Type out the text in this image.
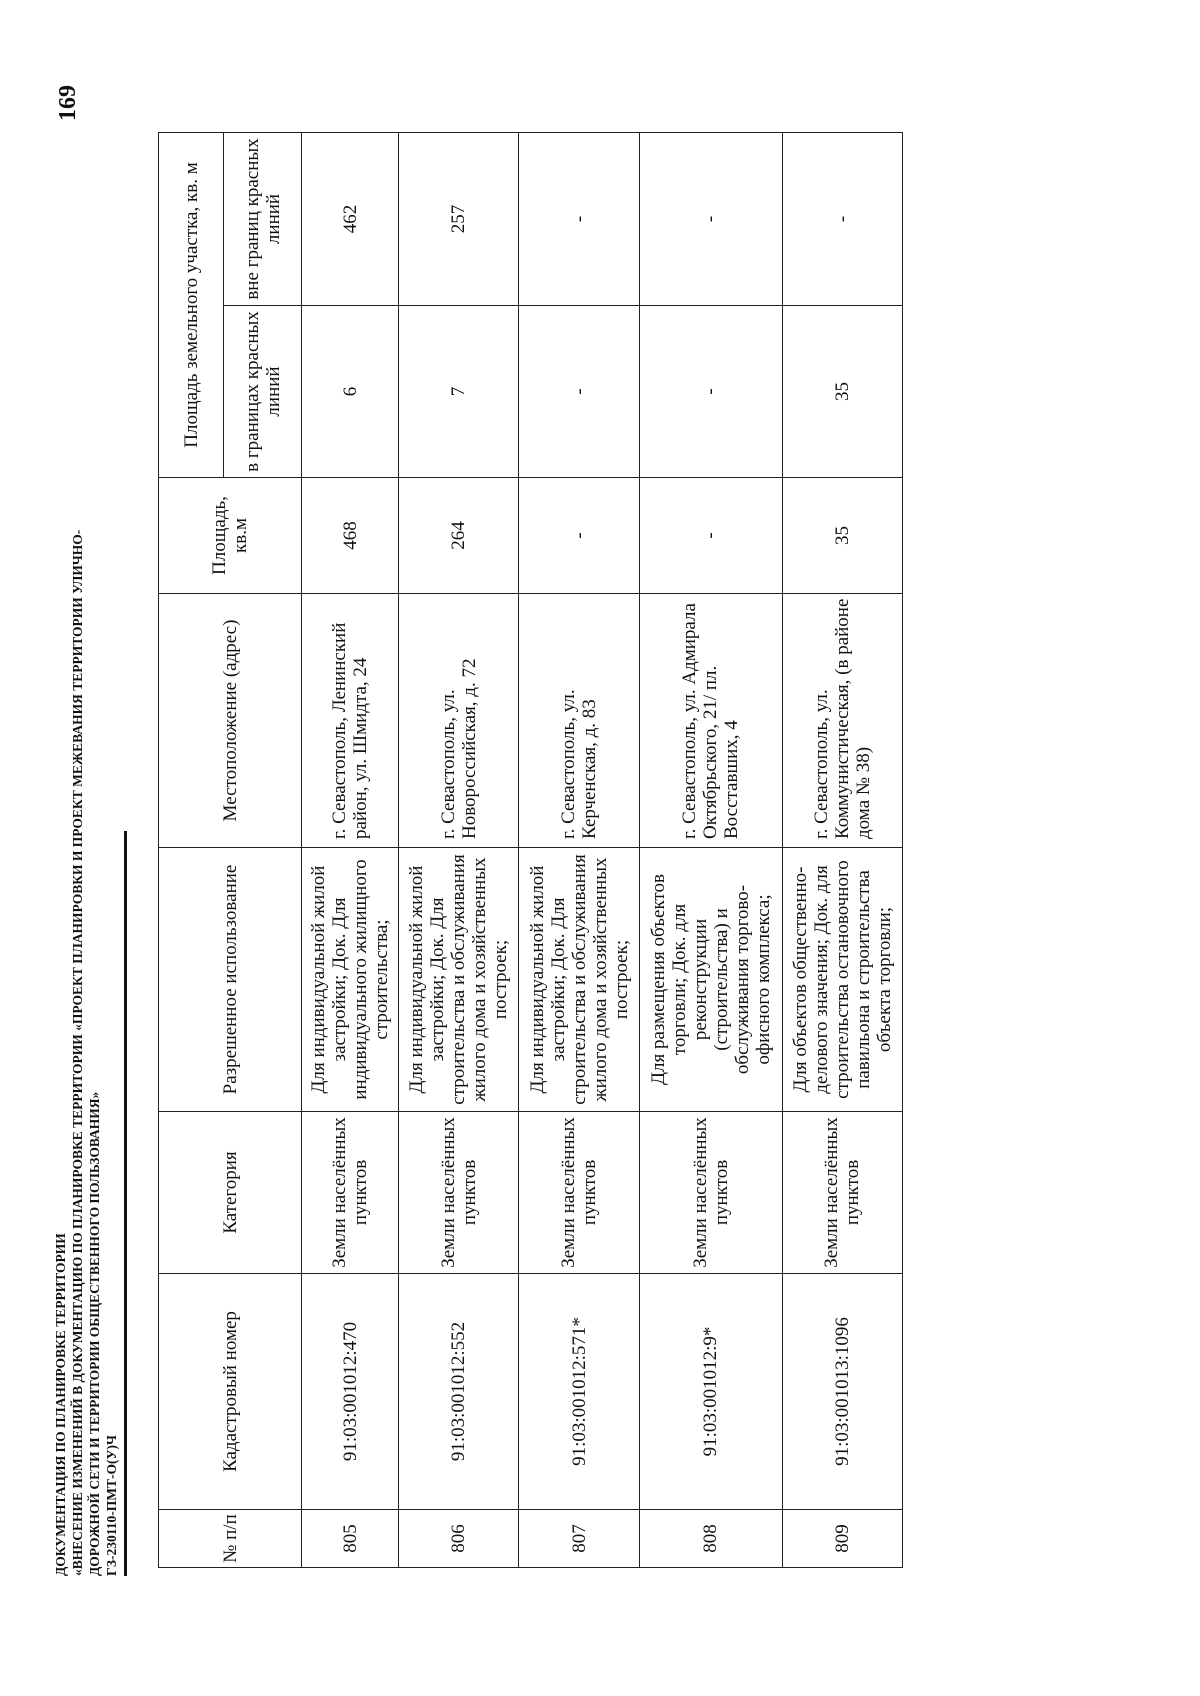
169
ДОКУМЕНТАЦИЯ ПО ПЛАНИРОВКЕ ТЕРРИТОРИИ «ВНЕСЕНИЕ ИЗМЕНЕНИЙ В ДОКУМЕНТАЦИЮ ПО ПЛАНИРОВКЕ ТЕРРИТОРИИ «ПРОЕКТ ПЛАНИРОВКИ И ПРОЕКТ МЕЖЕВАНИЯ ТЕРРИТОРИИ УЛИЧНО- ДОРОЖНОЙ СЕТИ И ТЕРРИТОРИИ ОБЩЕСТВЕННОГО ПОЛЬЗОВАНИЯ» ГЗ-230110-ПМТ-О(У)Ч	№ п/п	Кадастровый номер	Категория	Разрешенное использование	Местоположение (адрес)	Площадь, кв.м	Площадь земельного участка, кв. м	
						в границах красных линий	вне границ красных линий
805	91:03:001012:470	Земли населённых пунктов	Для индивидуальной жилой застройки; Док. Для индивидуального жилищного строительства;	г. Севастополь, Ленинский район, ул. Шмидта, 24	468	6	462
806	91:03:001012:552	Земли населённых пунктов	Для индивидуальной жилой застройки; Док. Для строительства и обслуживания жилого дома и хозяйственных построек;	г. Севастополь, ул. Новороссийская, д. 72	264	7	257
807	91:03:001012:571*	Земли населённых пунктов	Для индивидуальной жилой застройки; Док. Для строительства и обслуживания жилого дома и хозяйственных построек;	г. Севастополь, ул. Керченская, д. 83	-	-	-
808	91:03:001012:9*	Земли населённых пунктов	Для размещения объектов торговли; Док. для реконструкции (строительства) и обслуживания торгово-офисного комплекса;	г. Севастополь, ул. Адмирала Октябрьского, 21/ пл. Восставших, 4	-	-	-
809	91:03:001013:1096	Земли населённых пунктов	Для объектов общественно-делового значения; Док. для строительства остановочного павильона и строительства объекта торговли;	г. Севастополь, ул. Коммунистическая, (в районе дома № 38)	35	35	-
